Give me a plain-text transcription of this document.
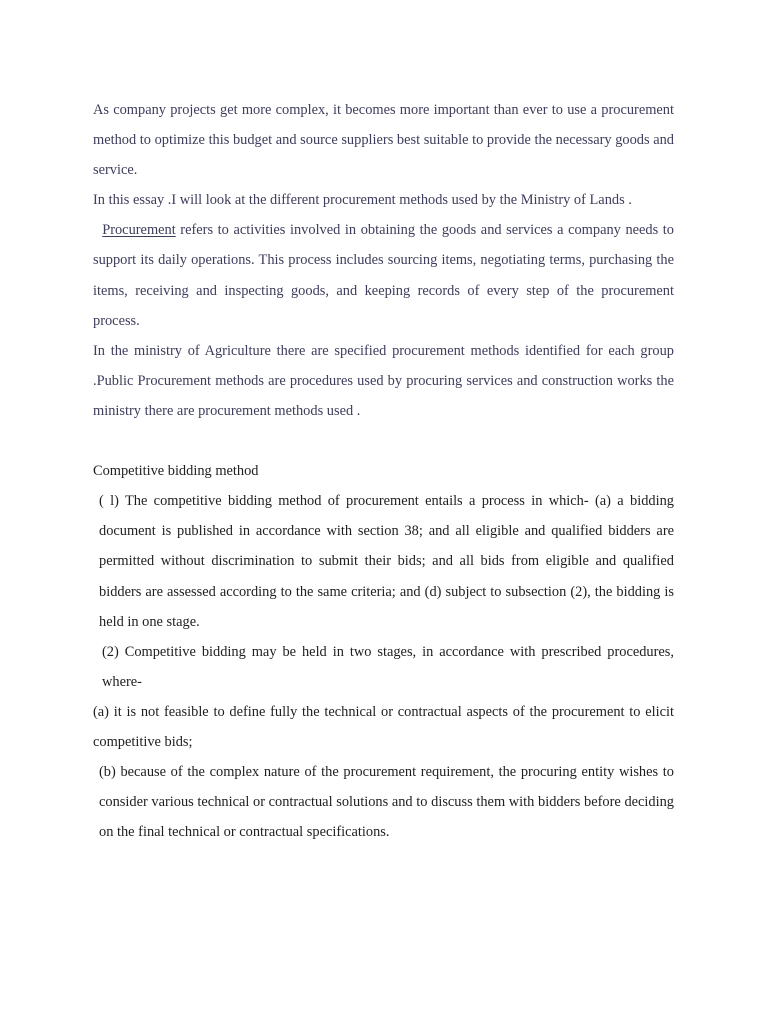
As company projects get more complex, it becomes more important than ever to use a procurement method to optimize this budget and source suppliers best suitable to provide the necessary goods and service.

In this essay .I will look at the different procurement methods used by the Ministry of Lands .

Procurement refers to activities involved in obtaining the goods and services a company needs to support its daily operations. This process includes sourcing items, negotiating terms, purchasing the items, receiving and inspecting goods, and keeping records of every step of the procurement process.

In the ministry of Agriculture there are specified procurement methods identified for each group .Public Procurement methods are procedures used by procuring services and construction works the ministry there are procurement methods used .

Competitive bidding method

( l) The competitive bidding method of procurement entails a process in which- (a) a bidding document is published in accordance with section 38; and all eligible and qualified bidders are permitted without discrimination to submit their bids; and all bids from eligible and qualified bidders are assessed according to the same criteria; and (d) subject to subsection (2), the bidding is held in one stage.

(2) Competitive bidding may be held in two stages, in accordance with prescribed procedures, where-

(a) it is not feasible to define fully the technical or contractual aspects of the procurement to elicit competitive bids;

(b) because of the complex nature of the procurement requirement, the procuring entity wishes to consider various technical or contractual solutions and to discuss them with bidders before deciding on the final technical or contractual specifications.
